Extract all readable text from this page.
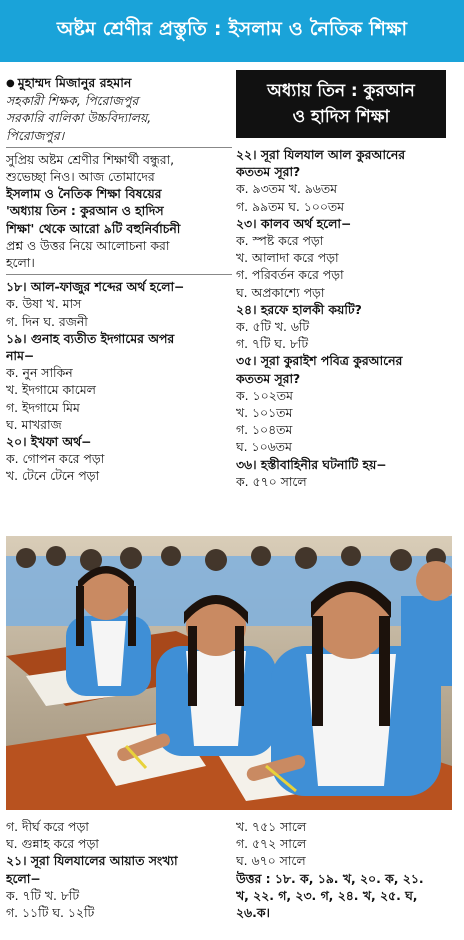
অষ্টম শ্রেণীর প্রস্তুতি : ইসলাম ও নৈতিক শিক্ষা
● মুহাম্মদ মিজানুর রহমান
সহকারী শিক্ষক, পিরোজপুর
সরকারি বালিকা উচ্চবিদ্যালয়,
পিরোজপুর।
সুপ্রিয় অষ্টম শ্রেণীর শিক্ষার্থী বন্ধুরা,
শুভেচ্ছা নিও। আজ তোমাদের
ইসলাম ও নৈতিক শিক্ষা বিষয়ের
'অধ্যায় তিন : কুরআন ও হাদিস
শিক্ষা' থেকে আরো ৯টি বহুনির্বাচনী
প্রশ্ন ও উত্তর নিয়ে আলোচনা করা
হলো।
১৮। আল-ফাজুর শব্দের অর্থ হলো−
ক. উষা খ. মাস
গ. দিন ঘ. রজনী
১৯। গুনাহ ব্যতীত ইদগামের অপর
নাম−
ক. নুন সাকিন
খ. ইদগামে কামেল
গ. ইদগামে মিম
ঘ. মাখরাজ
২০। ইখফা অর্থ−
ক. গোপন করে পড়া
খ. টেনে টেনে পড়া
অধ্যায় তিন : কুরআন
ও হাদিস শিক্ষা
২২। সূরা যিলযাল আল কুরআনের
কততম সূরা?
ক. ৯৩তম খ. ৯৬তম
গ. ৯৯তম ঘ. ১০০তম
২৩। কালব অর্থ হলো−
ক. স্পষ্ট করে পড়া
খ. আলাদা করে পড়া
গ. পরিবর্তন করে পড়া
ঘ. অপ্রকাশ্যে পড়া
২৪। হরফে হালকী কয়টি?
ক. ৫টি খ. ৬টি
গ. ৭টি ঘ. ৮টি
৩৫। সূরা কুরাইশ পবিত্র কুরআনের
কততম সূরা?
ক. ১০২তম
খ. ১০১তম
গ. ১০৪তম
ঘ. ১০৬তম
৩৬। হস্তীবাহিনীর ঘটনাটি হয়−
ক. ৫৭০ সালে
গ. দীর্ঘ করে পড়া
ঘ. গুন্নাহ করে পড়া
২১। সূরা যিলযালের আয়াত সংখ্যা
হলো−
ক. ৭টি খ. ৮টি
গ. ১১টি ঘ. ১২টি
খ. ৭৫১ সালে
গ. ৫৭২ সালে
ঘ. ৬৭০ সালে
উত্তর : ১৮. ক, ১৯. খ, ২০. ক, ২১.
খ, ২২. গ, ২৩. গ, ২৪. খ, ২৫. ঘ,
২৬.ক।
